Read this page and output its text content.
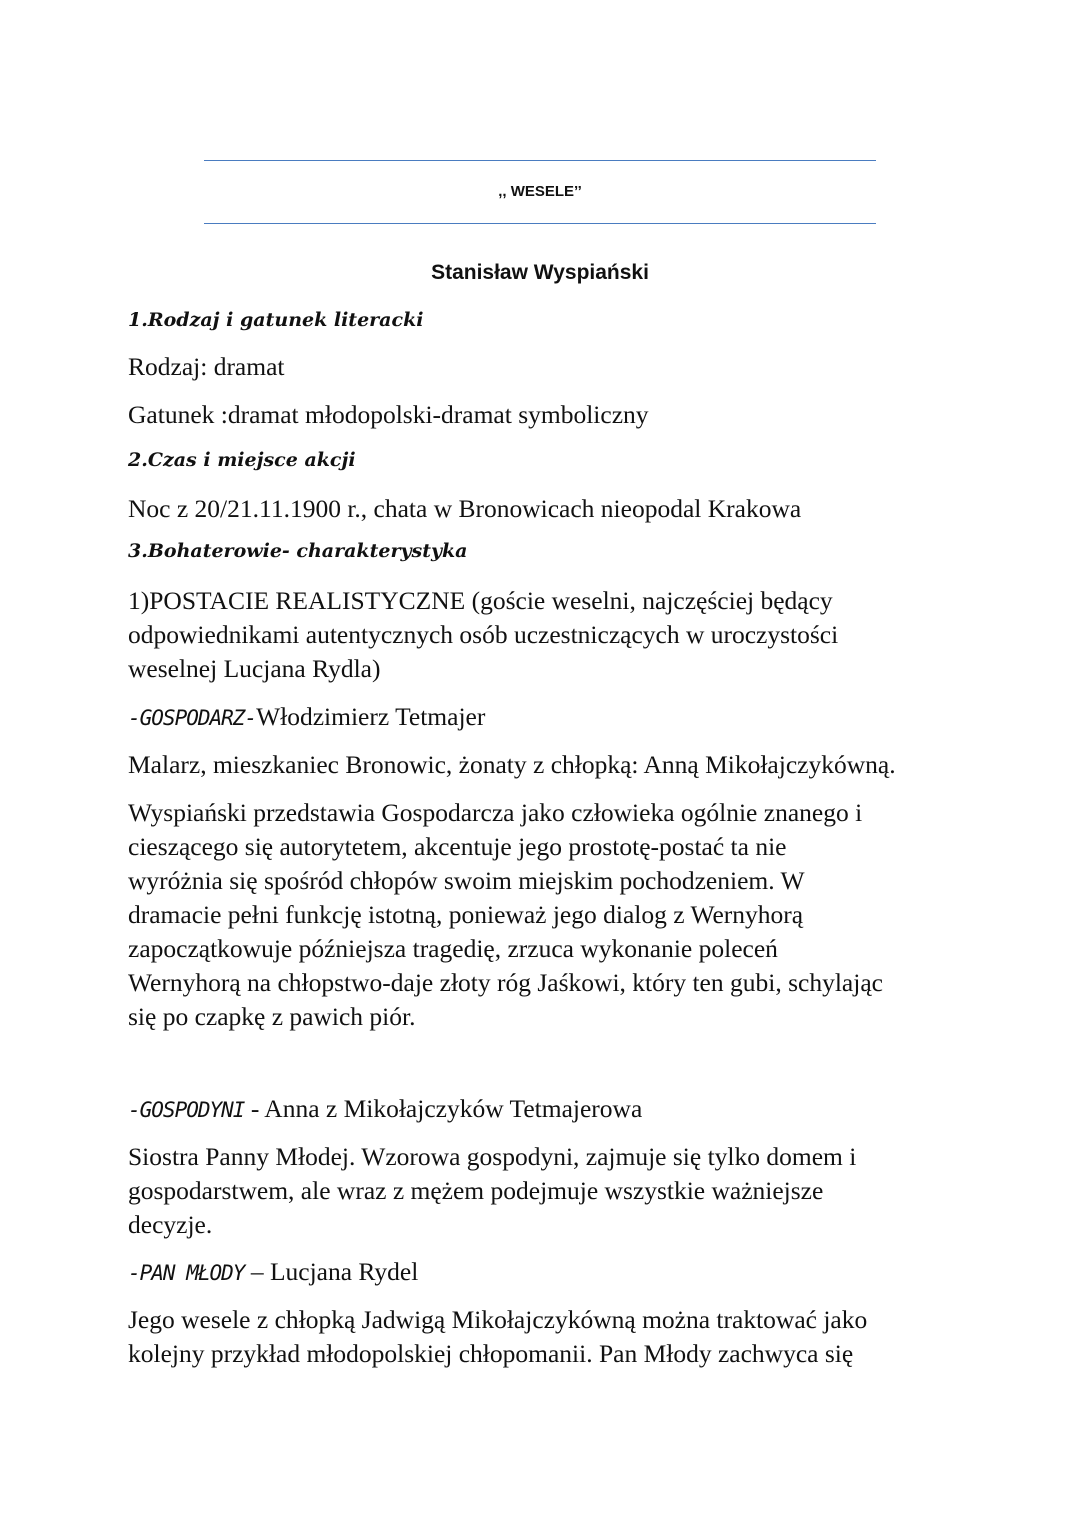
,, WESELE’’
Stanisław Wyspiański
1.Rodzaj i gatunek literacki
Rodzaj: dramat
Gatunek :dramat młodopolski-dramat symboliczny
2.Czas i miejsce akcji
Noc z 20/21.11.1900 r., chata w Bronowicach nieopodal Krakowa
3.Bohaterowie- charakterystyka
1)POSTACIE REALISTYCZNE (goście weselni, najczęściej będący
odpowiednikami autentycznych osób uczestniczących w uroczystości
weselnej Lucjana Rydla)
-GOSPODARZ-Włodzimierz Tetmajer
Malarz, mieszkaniec Bronowic, żonaty z chłopką: Anną Mikołajczykówną.
Wyspiański przedstawia Gospodarcza jako człowieka ogólnie znanego i
cieszącego się autorytetem, akcentuje jego prostotę-postać ta nie
wyróżnia się spośród chłopów swoim miejskim pochodzeniem. W
dramacie pełni funkcję istotną, ponieważ jego dialog z Wernyhorą
zapoczątkowuje późniejsza tragedię, zrzuca wykonanie poleceń
Wernyhorą na chłopstwo-daje złoty róg Jaśkowi, który ten gubi, schylając
się po czapkę z pawich piór.
-GOSPODYNI - Anna z Mikołajczyków Tetmajerowa
Siostra Panny Młodej. Wzorowa gospodyni, zajmuje się tylko domem i
gospodarstwem, ale wraz z mężem podejmuje wszystkie ważniejsze
decyzje.
-PAN MŁODY – Lucjana Rydel
Jego wesele z chłopką Jadwigą Mikołajczykówną można traktować jako
kolejny przykład młodopolskiej chłopomanii. Pan Młody zachwyca się
